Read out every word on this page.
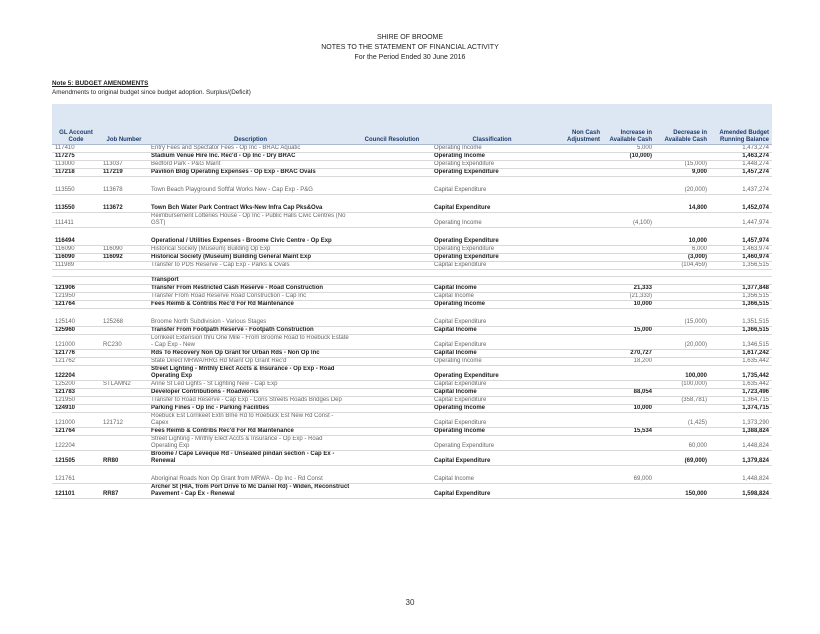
SHIRE OF BROOME
NOTES TO THE STATEMENT OF FINANCIAL ACTIVITY
For the Period Ended 30 June 2016
Note 5: BUDGET AMENDMENTS
Amendments to original budget since budget adoption. Surplus/(Deficit)
GL Account Code	Job Number	Description	Council Resolution	Classification	Non Cash Adjustment	Increase in Available Cash	Decrease in Available Cash	Amended Budget Running Balance
117410		Entry Fees and Spectator Fees - Op Inc - BRAC Aquatic		Operating Income		5,000		1,473,274
117275		Stadium Venue Hire Inc. Rec'd - Op Inc - Dry BRAC		Operating Income		(10,000)		1,463,274
113000	113037	Bedford Park - P&G Maint		Operating Expenditure			(15,000)	1,448,274
117218	117219	Pavilion Bldg Operating Expenses - Op Exp - BRAC Ovals		Operating Expenditure			9,000	1,457,274
113550	113678	Town Beach Playground Softfal Works New - Cap Exp - P&G		Capital Expenditure			(20,000)	1,437,274
113550	113672	Town Bch Water Park Contract Wks-New Infra Cap Pks&Ova		Capital Expenditure			14,800	1,452,074
111411		Reimbursement Lotteries House - Op Inc - Public Halls Civic Centres (No GST)		Operating Income		(4,100)		1,447,974
116494		Operational / Utilities Expenses - Broome Civic Centre - Op Exp		Operating Expenditure			10,000	1,457,974
116090	116090	Historical Society (Museum) Building Op Exp		Operating Expenditure			6,000	1,463,974
116090	116092	Historical Society (Museum) Building General Maint Exp		Operating Expenditure			(3,000)	1,460,974
111989		Transfer to PDS Reserve - Cap Exp - Parks & Ovals		Capital Expenditure			(104,459)	1,356,515

		Transport						
121906		Transfer From Restricted Cash Reserve - Road Construction		Capital Income		21,333		1,377,848
121950		Transfer From Road Reserve Road Construction - Cap Inc		Capital Income		(21,333)		1,356,515
121764		Fees Reimb & Contribs Rec'd For Rd Maintenance		Operating Income		10,000		1,366,515
125140	125268	Broome North Subdivision - Various Stages		Capital Expenditure			(15,000)	1,351,515
125960		Transfer From Footpath Reserve - Footpath Construction		Capital Income		15,000		1,366,515
121000	RC230	Lorrikeet Extension thru One Mile - From Broome Road to Roebuck Estate - Cap Exp - New		Capital Expenditure			(20,000)	1,346,515
121776		Rds To Recovery Non Op Grant for Urban Rds - Non Op Inc		Capital Income		270,727		1,617,242
121762		State Direct MRWA/RRG Rd Maint Op Grant Rec'd		Operating Income		18,200		1,635,442
122204		Street Lighting - Mnthly Elect Accts & Insurance - Op Exp - Road Operating Exp		Operating Expenditure			100,000	1,735,442
125200	STLAMN2	Anne St Led Lights - St Lighting New - Cap Exp		Capital Expenditure			(100,000)	1,635,442
121783		Developer Contributions - Roadworks		Capital Income		88,054		1,723,496
121950		Transfer to Road Reserve - Cap Exp - Cons Streets Roads Bridges Dep		Capital Expenditure			(358,781)	1,364,715
124910		Parking Fines - Op Inc - Parking Facilities		Operating Income		10,000		1,374,715
121000	121712	Roebuck Est Lorrikeet Extn Bme Rd to Roebuck Est New Rd Const - Capex		Capital Expenditure			(1,425)	1,373,290
121764		Fees Reimb & Contribs Rec'd For Rd Maintenance		Operating Income		15,534		1,388,824
122204		Street Lighting - Mnthly Elect Accts & Insurance - Op Exp - Road Operating Exp		Operating Expenditure			60,000	1,448,824
121505	RR80	Broome / Cape Leveque Rd - Unsealed pindan section - Cap Ex - Renewal		Capital Expenditure			(69,000)	1,379,824
121761		Aboriginal Roads Non Op Grant from MRWA - Op Inc - Rd Const		Capital Income		69,000		1,448,824
121101	RR87	Archer St (HIA, from Port Drive to Mc Daniel Rd) - Widen, Reconstruct Pavement - Cap Ex - Renewal		Capital Expenditure			150,000	1,598,824
30
